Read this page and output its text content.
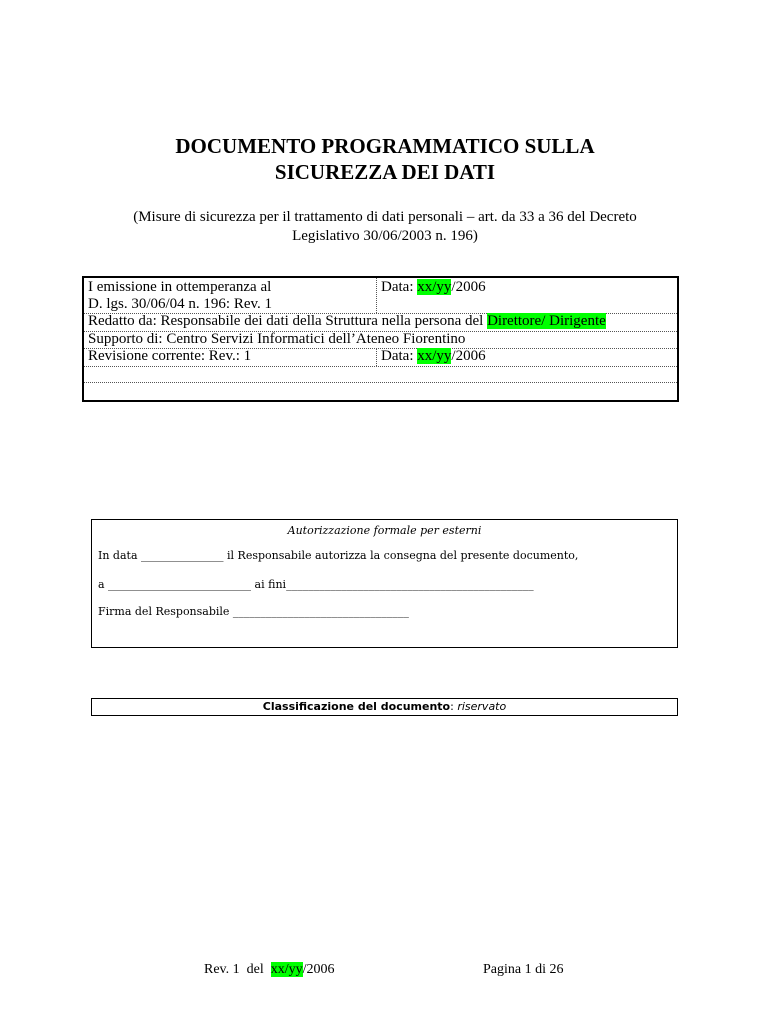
DOCUMENTO PROGRAMMATICO SULLA
SICUREZZA DEI DATI
(Misure di sicurezza per il trattamento di dati personali – art. da 33 a 36 del Decreto
Legislativo 30/06/2003 n. 196)
I emissione in ottemperanza al
D. lgs. 30/06/04 n. 196: Rev. 1
Data: xx/yy/2006
Redatto da: Responsabile dei dati della Struttura nella persona del Direttore/ Dirigente
Supporto di: Centro Servizi Informatici dell’Ateneo Fiorentino
Revisione corrente: Rev.: 1	Data: xx/yy/2006
Autorizzazione formale per esterni
In data _______________ il Responsabile autorizza la consegna del presente documento,
a __________________________ ai fini_____________________________________________
Firma del Responsabile ________________________________
Classificazione del documento: riservato
Rev. 1  del  xx/yy/2006	Pagina 1 di 26
